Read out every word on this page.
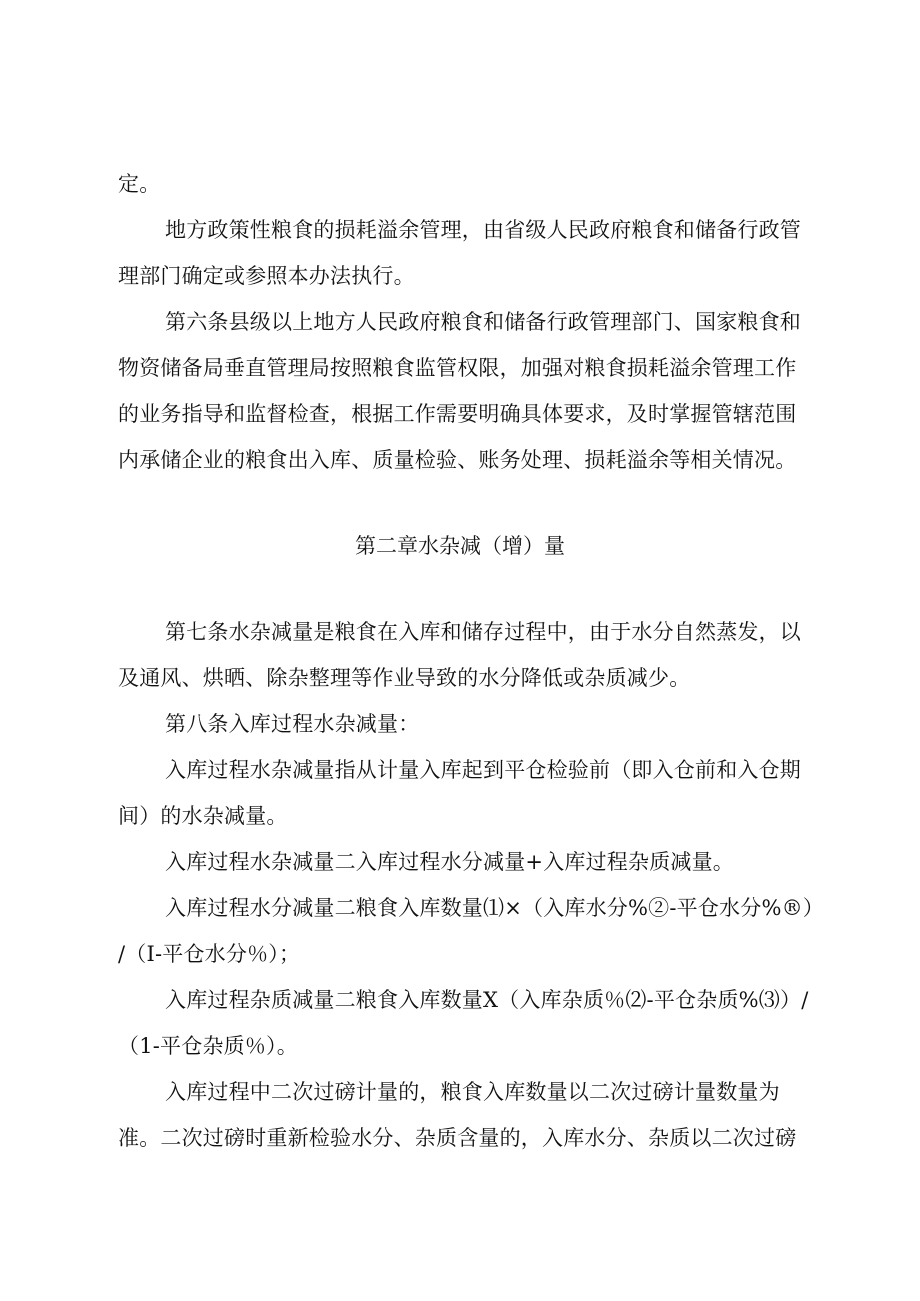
定。
地方政策性粮食的损耗溢余管理，由省级人民政府粮食和储备行政管
理部门确定或参照本办法执行。
第六条县级以上地方人民政府粮食和储备行政管理部门、国家粮食和
物资储备局垂直管理局按照粮食监管权限，加强对粮食损耗溢余管理工作
的业务指导和监督检查，根据工作需要明确具体要求，及时掌握管辖范围
内承储企业的粮食出入库、质量检验、账务处理、损耗溢余等相关情况。
第二章水杂减（增）量
第七条水杂减量是粮食在入库和储存过程中，由于水分自然蒸发，以
及通风、烘晒、除杂整理等作业导致的水分降低或杂质减少。
第八条入库过程水杂减量：
入库过程水杂减量指从计量入库起到平仓检验前（即入仓前和入仓期
间）的水杂减量。
入库过程水杂减量二入库过程水分减量+入库过程杂质减量。
入库过程水分减量二粮食入库数量⑴×（入库水分%②-平仓水分%®）
/（I-平仓水分％）；
入库过程杂质减量二粮食入库数量X（入库杂质％⑵-平仓杂质%⑶）/
（1-平仓杂质％）。
入库过程中二次过磅计量的，粮食入库数量以二次过磅计量数量为
准。二次过磅时重新检验水分、杂质含量的，入库水分、杂质以二次过磅
